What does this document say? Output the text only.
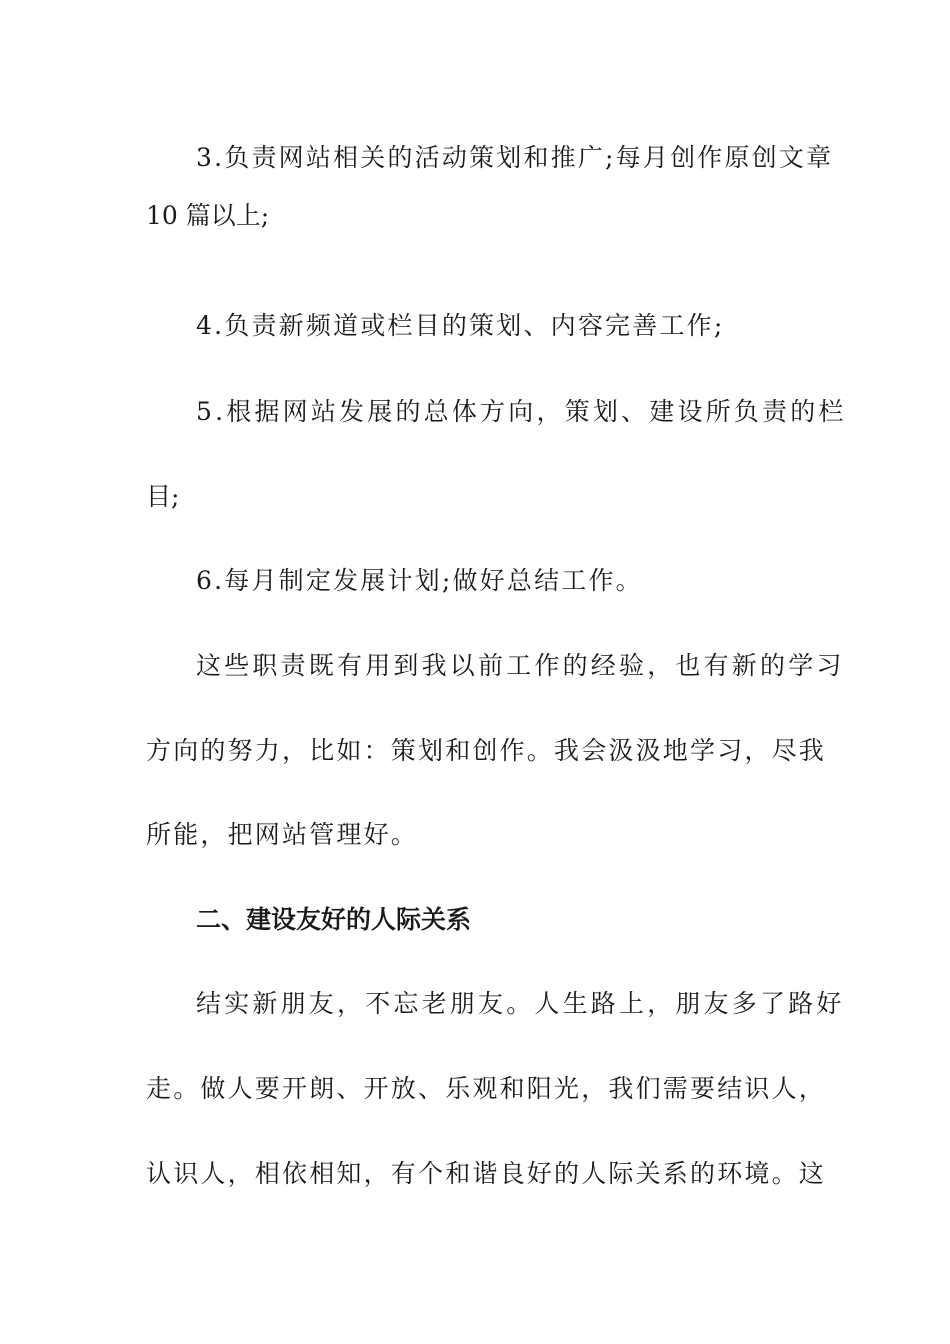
3.负责网站相关的活动策划和推广;每月创作原创文章

10 篇以上;

4.负责新频道或栏目的策划、内容完善工作;

5.根据网站发展的总体方向，策划、建设所负责的栏

目;

6.每月制定发展计划;做好总结工作。

这些职责既有用到我以前工作的经验，也有新的学习

方向的努力，比如：策划和创作。我会汲汲地学习，尽我

所能，把网站管理好。

二、建设友好的人际关系

结实新朋友，不忘老朋友。人生路上，朋友多了路好

走。做人要开朗、开放、乐观和阳光，我们需要结识人，

认识人，相依相知，有个和谐良好的人际关系的环境。这
